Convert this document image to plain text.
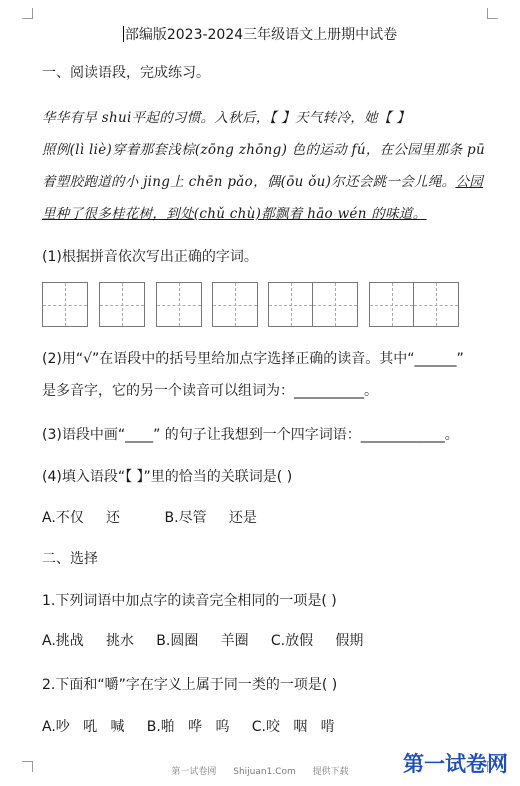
部编版2023-2024三年级语文上册期中试卷
一、阅读语段，完成练习。
华华有早 shui平起的习惯。入秋后，【 】天气转冷，她【 】
照例(lì liè)穿着那套浅棕(zōng zhōng) 色的运动 fú，在公园里那条 pū
着塑胶跑道的小 jing上 chēn pǎo，偶(ōu ǒu)尔还会跳一会儿绳。公园
里种了很多桂花树，到处(chǔ chù)都飘着 hāo wén 的味道。
(1)根据拼音依次写出正确的字词。
(2)用“√”在语段中的括号里给加点字选择正确的读音。其中“______”
是多音字，它的另一个读音可以组词为：__________。
(3)语段中画“____” 的句子让我想到一个四字词语：____________。
(4)填入语段“【 】”里的恰当的关联词是( )
A.不仅     还          B.尽管     还是
二、选择
1.下列词语中加点字的读音完全相同的一项是( )
A.挑战     挑水     B.圆圈     羊圈     C.放假     假期
2.下面和“嚼”字在字义上属于同一类的一项是( )
A.吵   吼   喊     B.啪   哗   呜     C.咬   咽   啃
第一试卷网 Shijuan1.Com 提供下载	第一试卷网
